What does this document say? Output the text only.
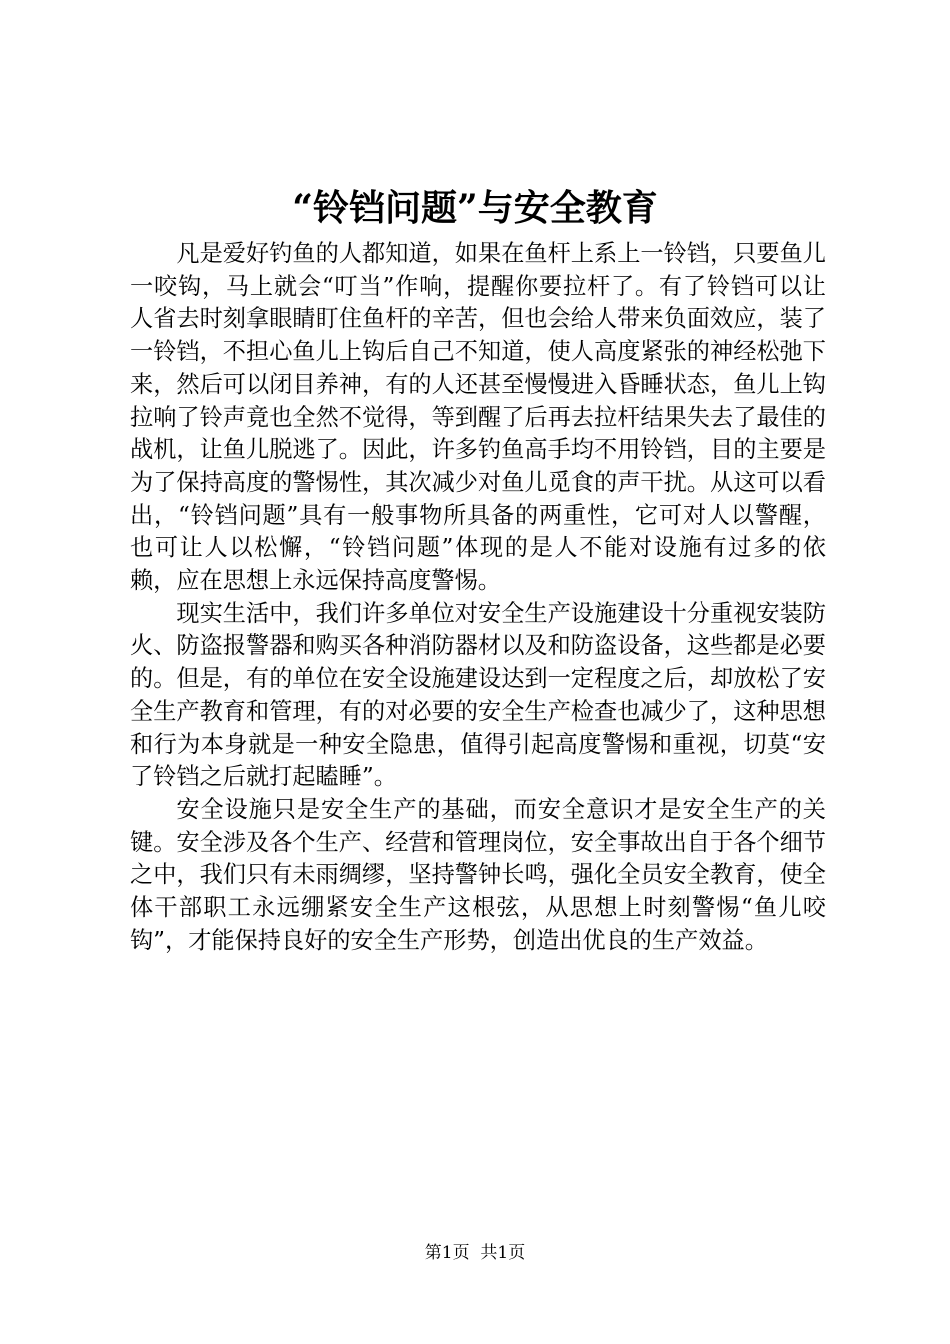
“铃铛问题”与安全教育

凡是爱好钓鱼的人都知道，如果在鱼杆上系上一铃铛，只要鱼儿一咬钩，马上就会“叮当”作响，提醒你要拉杆了。有了铃铛可以让人省去时刻拿眼睛盯住鱼杆的辛苦，但也会给人带来负面效应，装了一铃铛，不担心鱼儿上钩后自己不知道，使人高度紧张的神经松弛下来，然后可以闭目养神，有的人还甚至慢慢进入昏睡状态，鱼儿上钩拉响了铃声竟也全然不觉得，等到醒了后再去拉杆结果失去了最佳的战机，让鱼儿脱逃了。因此，许多钓鱼高手均不用铃铛，目的主要是为了保持高度的警惕性，其次减少对鱼儿觅食的声干扰。从这可以看出，“铃铛问题”具有一般事物所具备的两重性，它可对人以警醒，也可让人以松懈，“铃铛问题”体现的是人不能对设施有过多的依赖，应在思想上永远保持高度警惕。

现实生活中，我们许多单位对安全生产设施建设十分重视安装防火、防盗报警器和购买各种消防器材以及和防盗设备，这些都是必要的。但是，有的单位在安全设施建设达到一定程度之后，却放松了安全生产教育和管理，有的对必要的安全生产检查也减少了，这种思想和行为本身就是一种安全隐患，值得引起高度警惕和重视，切莫“安了铃铛之后就打起瞌睡”。

安全设施只是安全生产的基础，而安全意识才是安全生产的关键。安全涉及各个生产、经营和管理岗位，安全事故出自于各个细节之中，我们只有未雨绸缪，坚持警钟长鸣，强化全员安全教育，使全体干部职工永远绷紧安全生产这根弦，从思想上时刻警惕“鱼儿咬钩”，才能保持良好的安全生产形势，创造出优良的生产效益。

第1页 共1页
